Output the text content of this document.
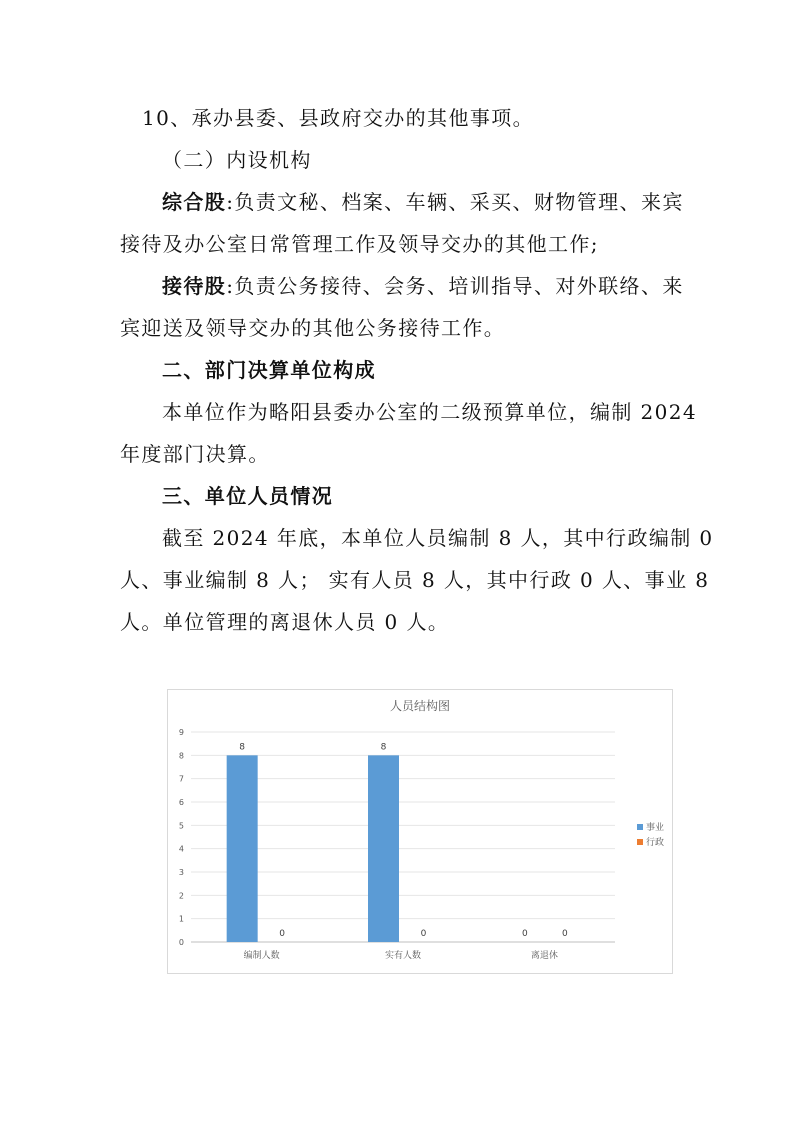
10、承办县委、县政府交办的其他事项。
（二）内设机构
综合股:负责文秘、档案、车辆、采买、财物管理、来宾
接待及办公室日常管理工作及领导交办的其他工作;
接待股:负责公务接待、会务、培训指导、对外联络、来
宾迎送及领导交办的其他公务接待工作。
二、部门决算单位构成
本单位作为略阳县委办公室的二级预算单位，编制 2024
年度部门决算。
三、单位人员情况
截至 2024 年底，本单位人员编制 8 人，其中行政编制 0
人、事业编制 8 人； 实有人员 8 人，其中行政 0 人、事业 8
人。单位管理的离退休人员 0 人。
人员结构图
0
1
2
3
4
5
6
7
8
9
8
0
8
0	0	0
编制人数	实有人数	离退休
事业
行政
